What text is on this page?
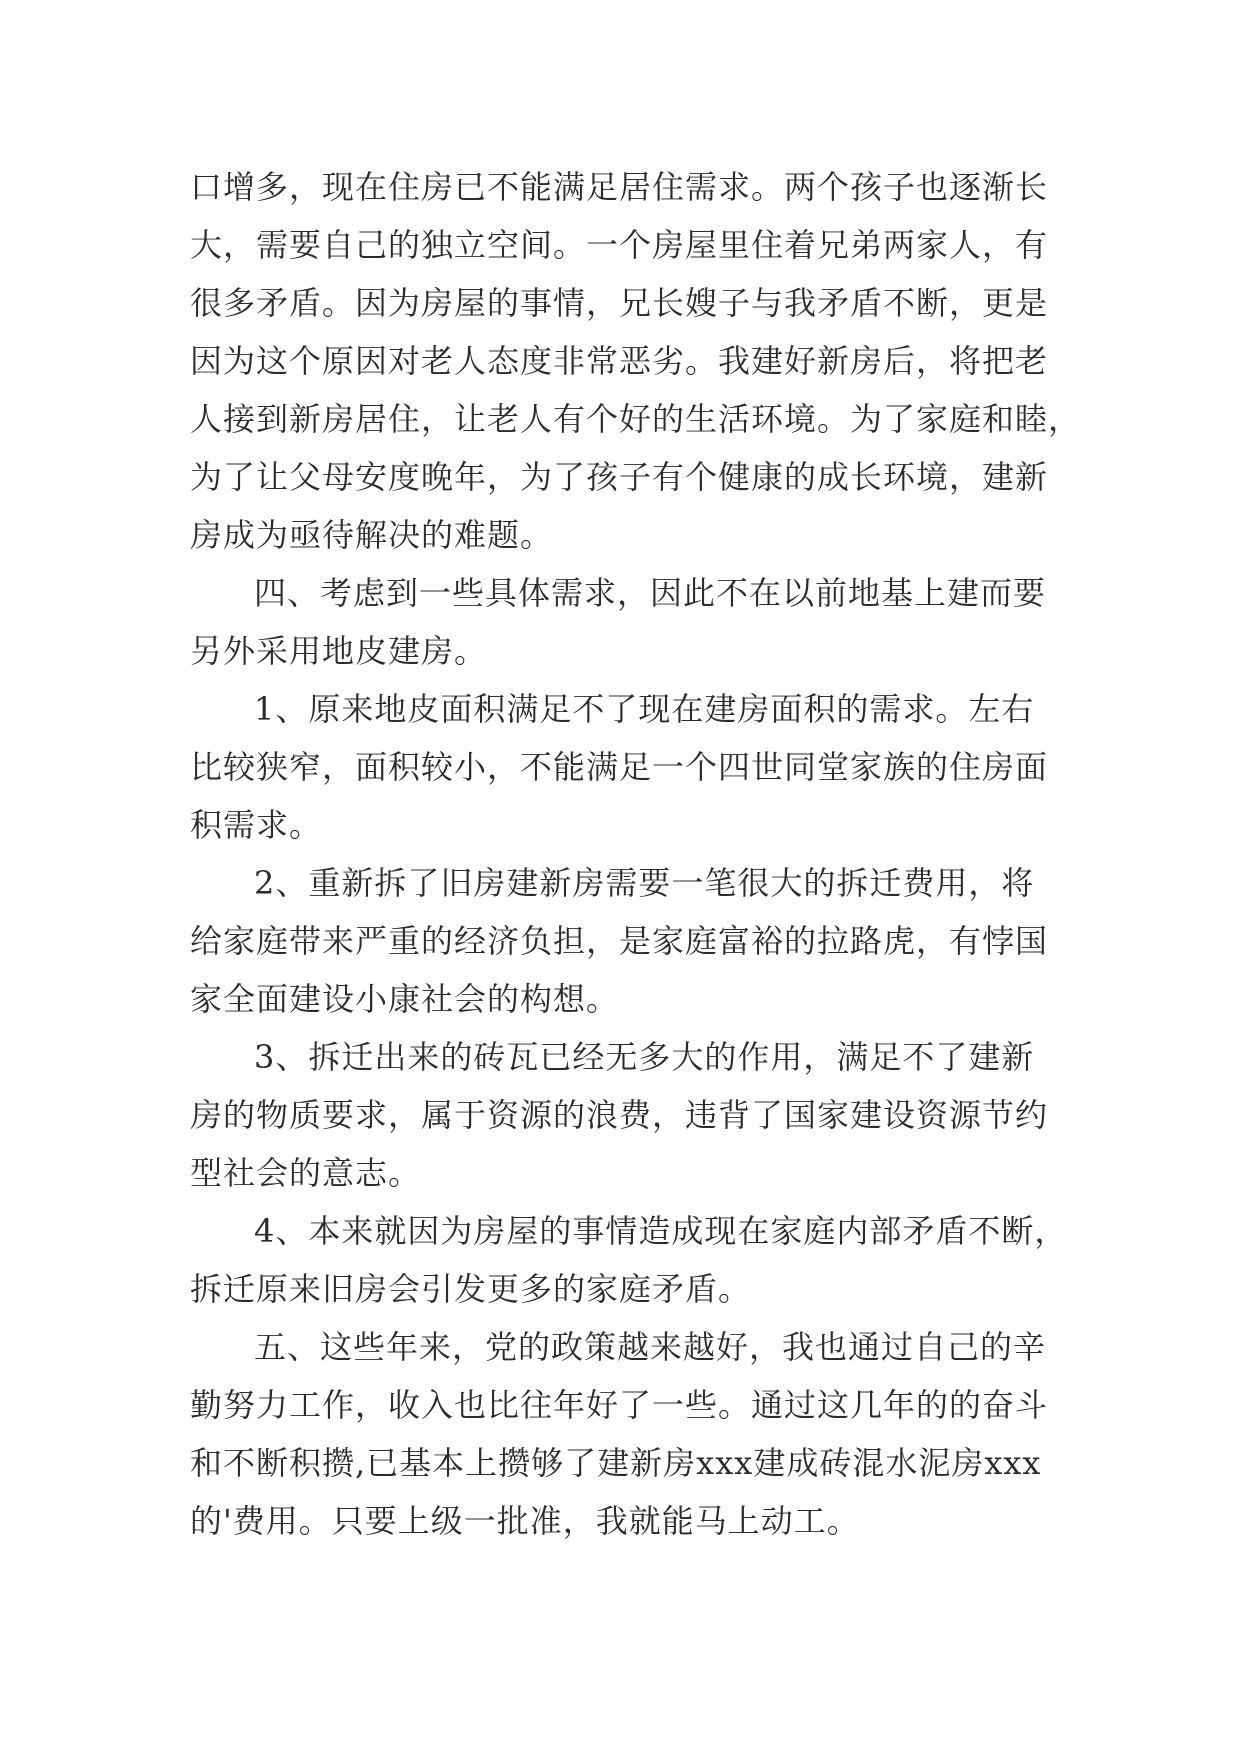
口增多，现在住房已不能满足居住需求。两个孩子也逐渐长
大，需要自己的独立空间。一个房屋里住着兄弟两家人，有
很多矛盾。因为房屋的事情，兄长嫂子与我矛盾不断，更是
因为这个原因对老人态度非常恶劣。我建好新房后，将把老
人接到新房居住，让老人有个好的生活环境。为了家庭和睦，
为了让父母安度晚年，为了孩子有个健康的成长环境，建新
房成为亟待解决的难题。
四、考虑到一些具体需求，因此不在以前地基上建而要
另外采用地皮建房。
1、原来地皮面积满足不了现在建房面积的需求。左右
比较狭窄，面积较小，不能满足一个四世同堂家族的住房面
积需求。
2、重新拆了旧房建新房需要一笔很大的拆迁费用，将
给家庭带来严重的经济负担，是家庭富裕的拉路虎，有悖国
家全面建设小康社会的构想。
3、拆迁出来的砖瓦已经无多大的作用，满足不了建新
房的物质要求，属于资源的浪费，违背了国家建设资源节约
型社会的意志。
4、本来就因为房屋的事情造成现在家庭内部矛盾不断，
拆迁原来旧房会引发更多的家庭矛盾。
五、这些年来，党的政策越来越好，我也通过自己的辛
勤努力工作，收入也比往年好了一些。通过这几年的的奋斗
和不断积攒,已基本上攒够了建新房xxx建成砖混水泥房xxx
的'费用。只要上级一批准，我就能马上动工。
